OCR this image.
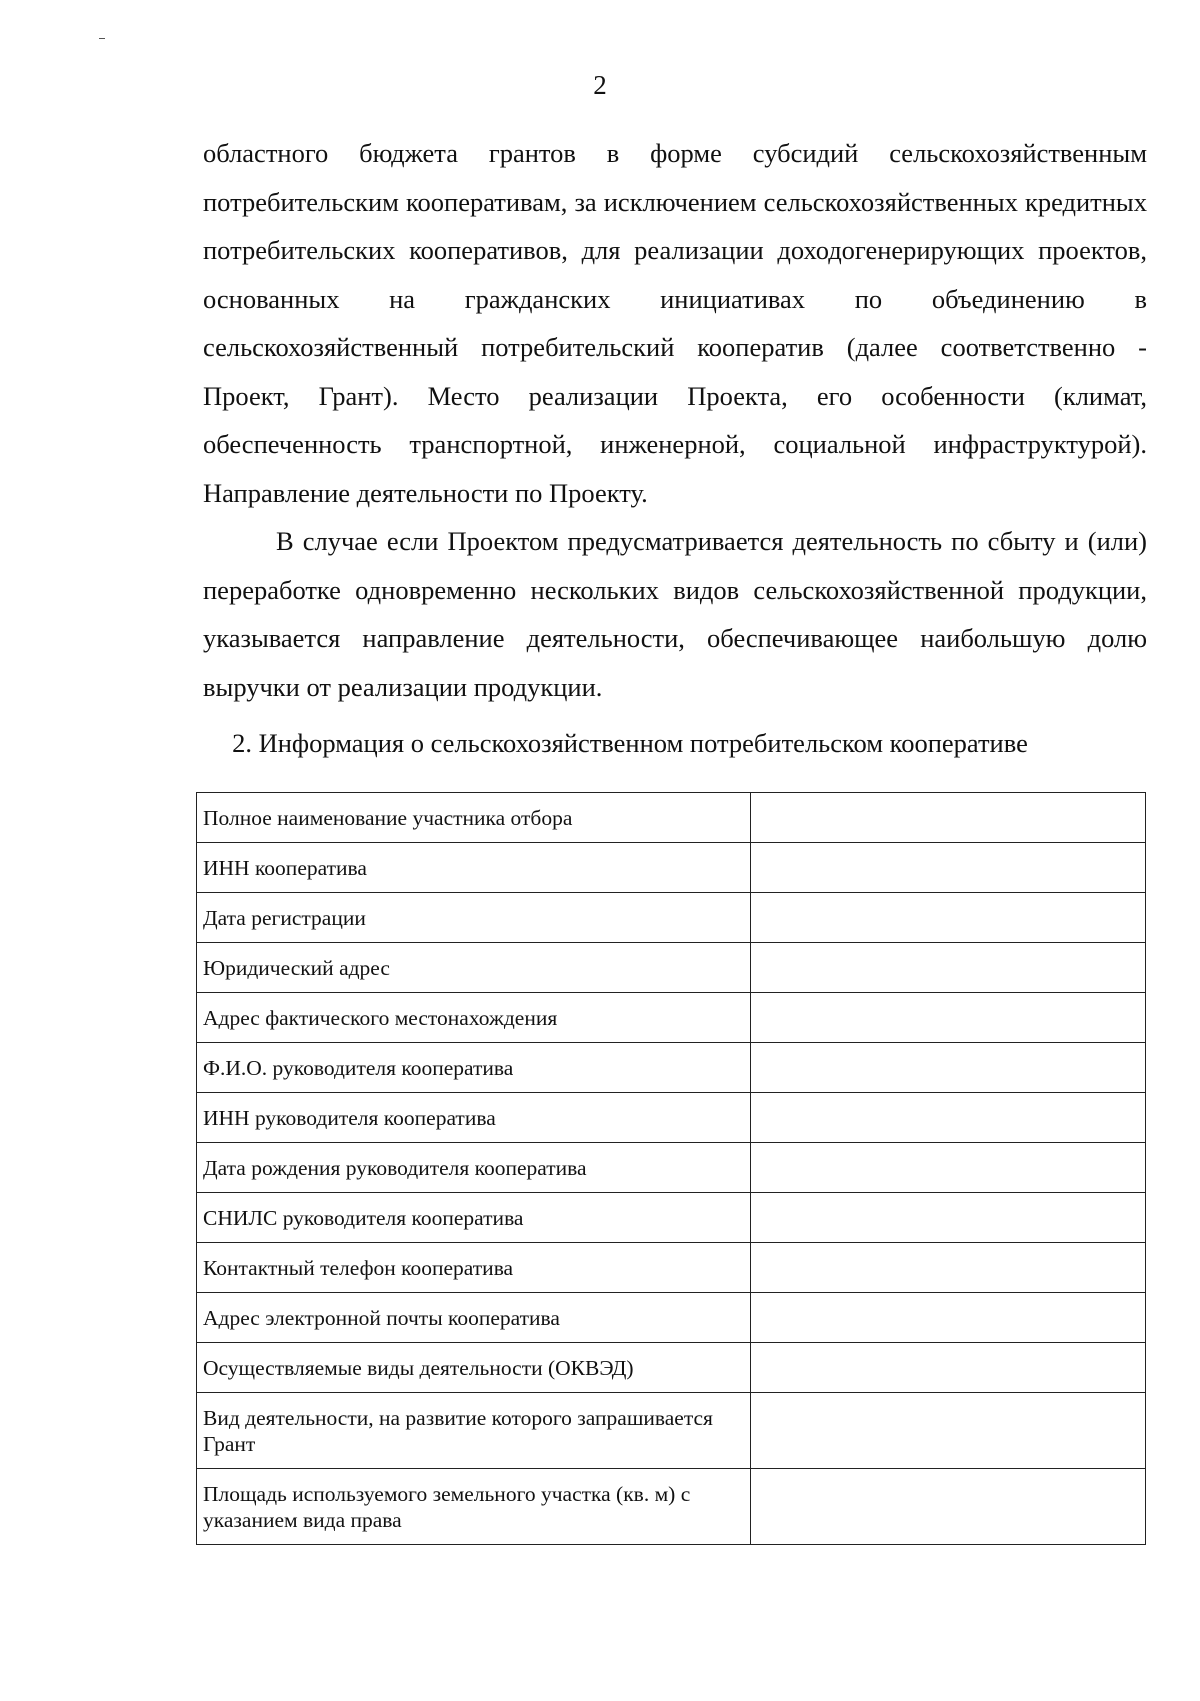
2

областного бюджета грантов в форме субсидий сельскохозяйственным потребительским кооперативам, за исключением сельскохозяйственных кредитных потребительских кооперативов, для реализации доходогенерирующих проектов, основанных на гражданских инициативах по объединению в сельскохозяйственный потребительский кооператив (далее соответственно - Проект, Грант). Место реализации Проекта, его особенности (климат, обеспеченность транспортной, инженерной, социальной инфраструктурой). Направление деятельности по Проекту.

В случае если Проектом предусматривается деятельность по сбыту и (или) переработке одновременно нескольких видов сельскохозяйственной продукции, указывается направление деятельности, обеспечивающее наибольшую долю выручки от реализации продукции.

2. Информация о сельскохозяйственном потребительском кооперативе
Полное наименование участника отбора	
ИНН кооператива	
Дата регистрации	
Юридический адрес	
Адрес фактического местонахождения	
Ф.И.О. руководителя кооператива	
ИНН руководителя кооператива	
Дата рождения руководителя кооператива	
СНИЛС руководителя кооператива	
Контактный телефон кооператива	
Адрес электронной почты кооператива	
Осуществляемые виды деятельности (ОКВЭД)	
Вид деятельности, на развитие которого запрашивается Грант	
Площадь используемого земельного участка (кв. м) с указанием вида права	
